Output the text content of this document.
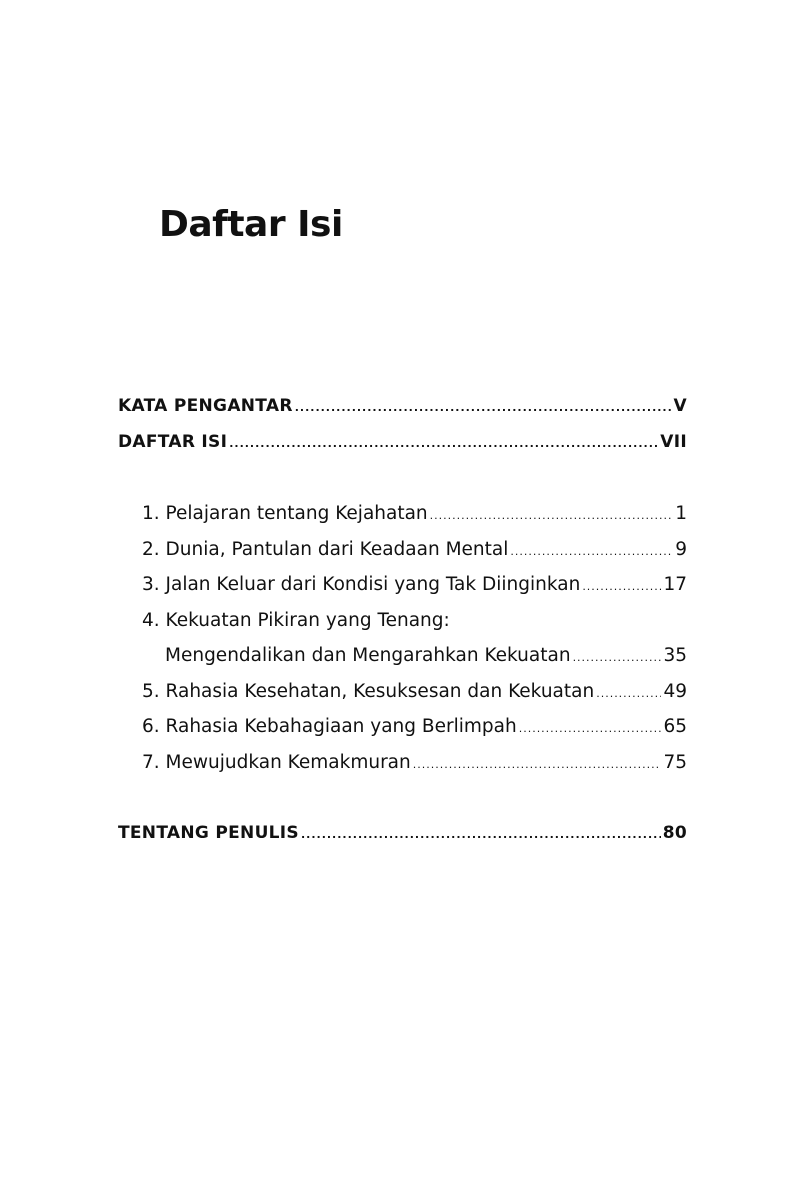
Daftar Isi
KATA PENGANTAR .....	V
DAFTAR ISI .....	VII
1. Pelajaran tentang Kejahatan .....	1
2. Dunia, Pantulan dari Keadaan Mental .....	9
3. Jalan Keluar dari Kondisi yang Tak Diinginkan .....	17
4. Kekuatan Pikiran yang Tenang:
Mengendalikan dan Mengarahkan Kekuatan .....	35
5. Rahasia Kesehatan, Kesuksesan dan Kekuatan .....	49
6. Rahasia Kebahagiaan yang Berlimpah .....	65
7. Mewujudkan Kemakmuran .....	75
TENTANG PENULIS .....	80
